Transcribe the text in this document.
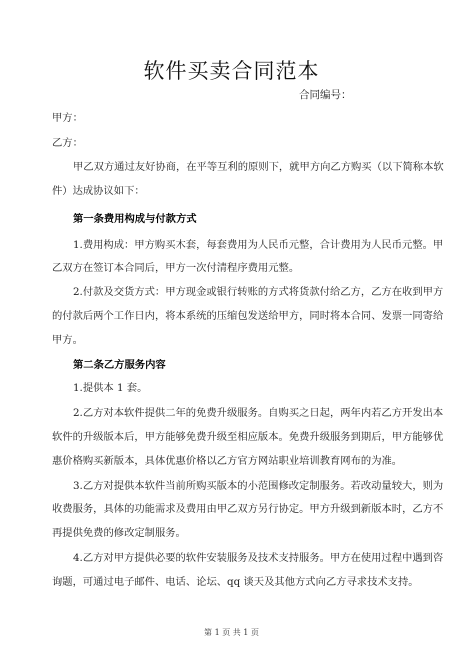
软件买卖合同范本
合同编号：
甲方：
乙方：
甲乙双方通过友好协商，在平等互利的原则下，就甲方向乙方购买（以下简称本软
件）达成协议如下：
第一条费用构成与付款方式
1.费用构成：甲方购买木套，每套费用为人民币元整，合计费用为人民币元整。甲
乙双方在签订本合同后，甲方一次付清程序费用元整。
2.付款及交货方式：甲方现金或银行转账的方式将货款付给乙方，乙方在收到甲方
的付款后两个工作日内，将本系统的压缩包发送给甲方，同时将本合同、发票一同寄给
甲方。
第二条乙方服务内容
1.提供本 1 套。
2.乙方对本软件提供二年的免费升级服务。自购买之日起，两年内若乙方开发出本
软件的升级版本后，甲方能够免费升级至相应版本。免费升级服务到期后，甲方能够优
惠价格购买新版本，具体优惠价格以乙方官方网站职业培训教育网布的为准。
3.乙方对提供本软件当前所购买版本的小范围修改定制服务。若改动量较大，则为
收费服务，具体的功能需求及费用由甲乙双方另行协定。甲方升级到新版本时，乙方不
再提供免费的修改定制服务。
4.乙方对甲方提供必要的软件安装服务及技术支持服务。甲方在使用过程中遇到咨
询题，可通过电子邮件、电话、论坛、qq 谈天及其他方式向乙方寻求技术支持。
第 1 页 共 1 页
